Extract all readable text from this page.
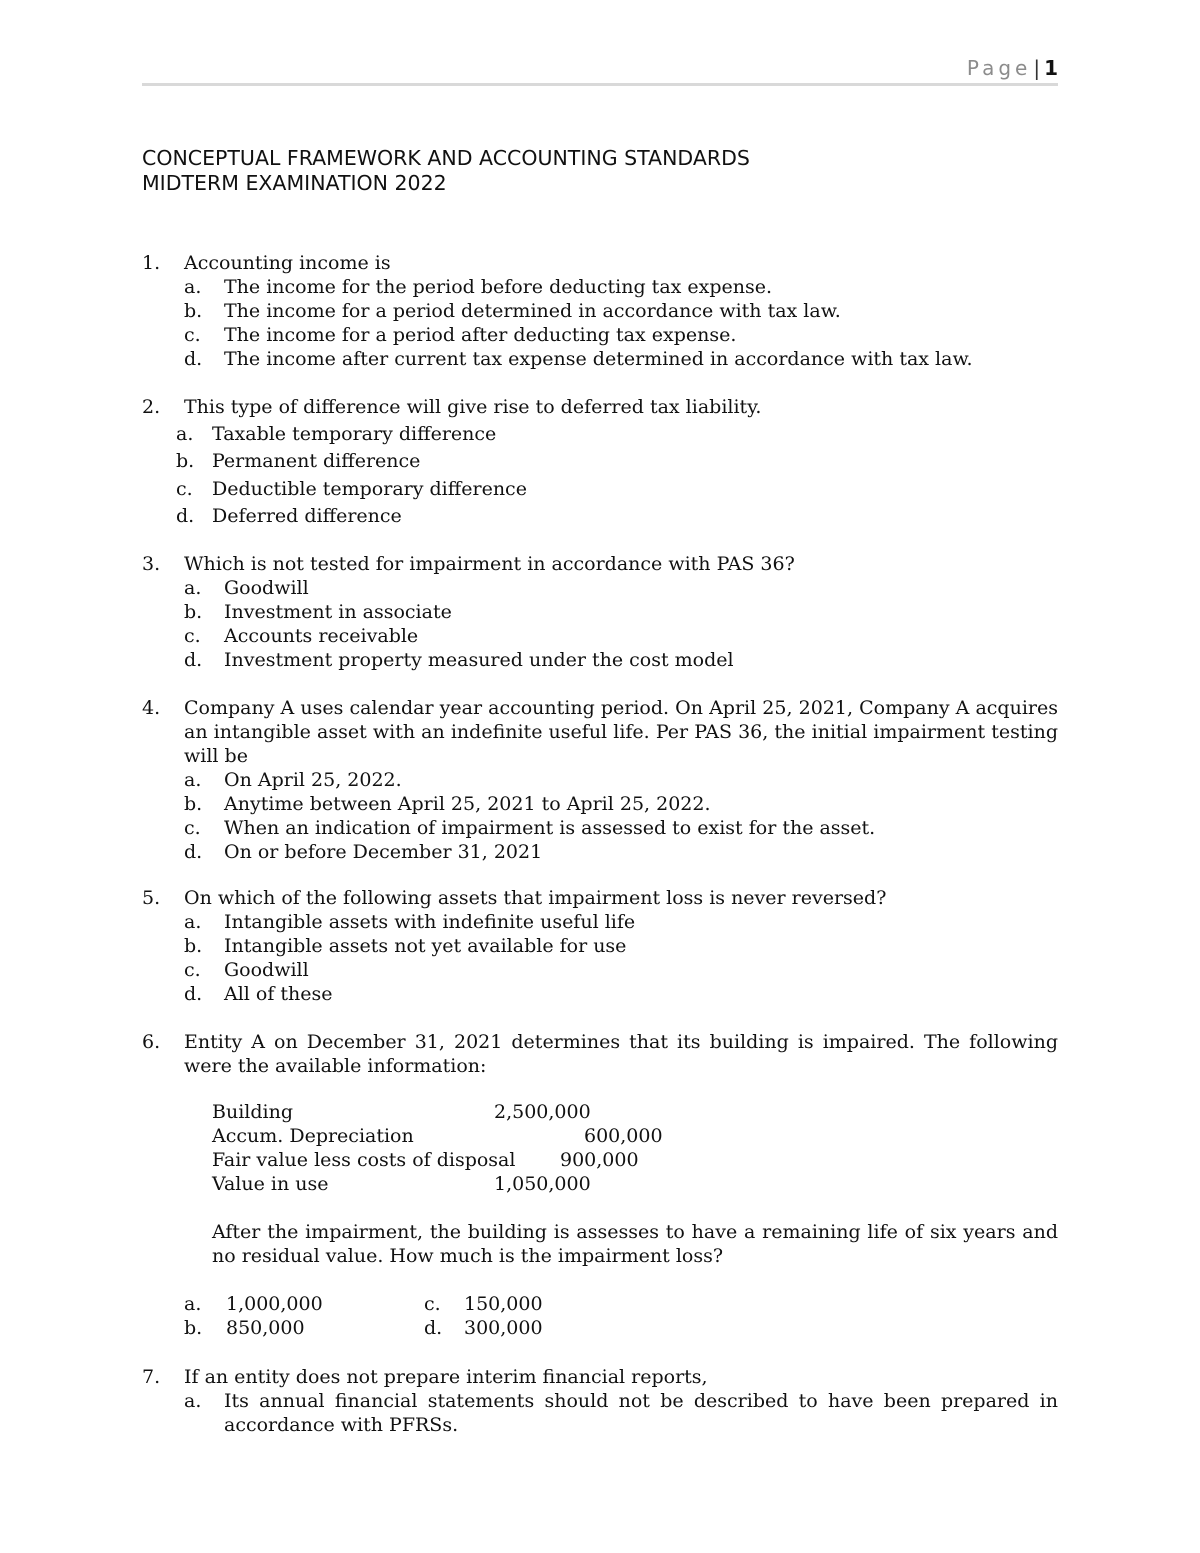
Page | 1
CONCEPTUAL FRAMEWORK AND ACCOUNTING STANDARDS
MIDTERM EXAMINATION 2022
1. Accounting income is
a. The income for the period before deducting tax expense.
b. The income for a period determined in accordance with tax law.
c. The income for a period after deducting tax expense.
d. The income after current tax expense determined in accordance with tax law.
2. This type of difference will give rise to deferred tax liability.
a. Taxable temporary difference
b. Permanent difference
c. Deductible temporary difference
d. Deferred difference
3. Which is not tested for impairment in accordance with PAS 36?
a. Goodwill
b. Investment in associate
c. Accounts receivable
d. Investment property measured under the cost model
4. Company A uses calendar year accounting period. On April 25, 2021, Company A acquires an intangible asset with an indefinite useful life. Per PAS 36, the initial impairment testing will be
a. On April 25, 2022.
b. Anytime between April 25, 2021 to April 25, 2022.
c. When an indication of impairment is assessed to exist for the asset.
d. On or before December 31, 2021
5. On which of the following assets that impairment loss is never reversed?
a. Intangible assets with indefinite useful life
b. Intangible assets not yet available for use
c. Goodwill
d. All of these
6. Entity A on December 31, 2021 determines that its building is impaired. The following were the available information:
Building	2,500,000
Accum. Depreciation	600,000
Fair value less costs of disposal 900,000
Value in use	1,050,000
After the impairment, the building is assesses to have a remaining life of six years and no residual value. How much is the impairment loss?
a. 1,000,000	c. 150,000
b. 850,000	d. 300,000
7. If an entity does not prepare interim financial reports,
a. Its annual financial statements should not be described to have been prepared in accordance with PFRSs.
